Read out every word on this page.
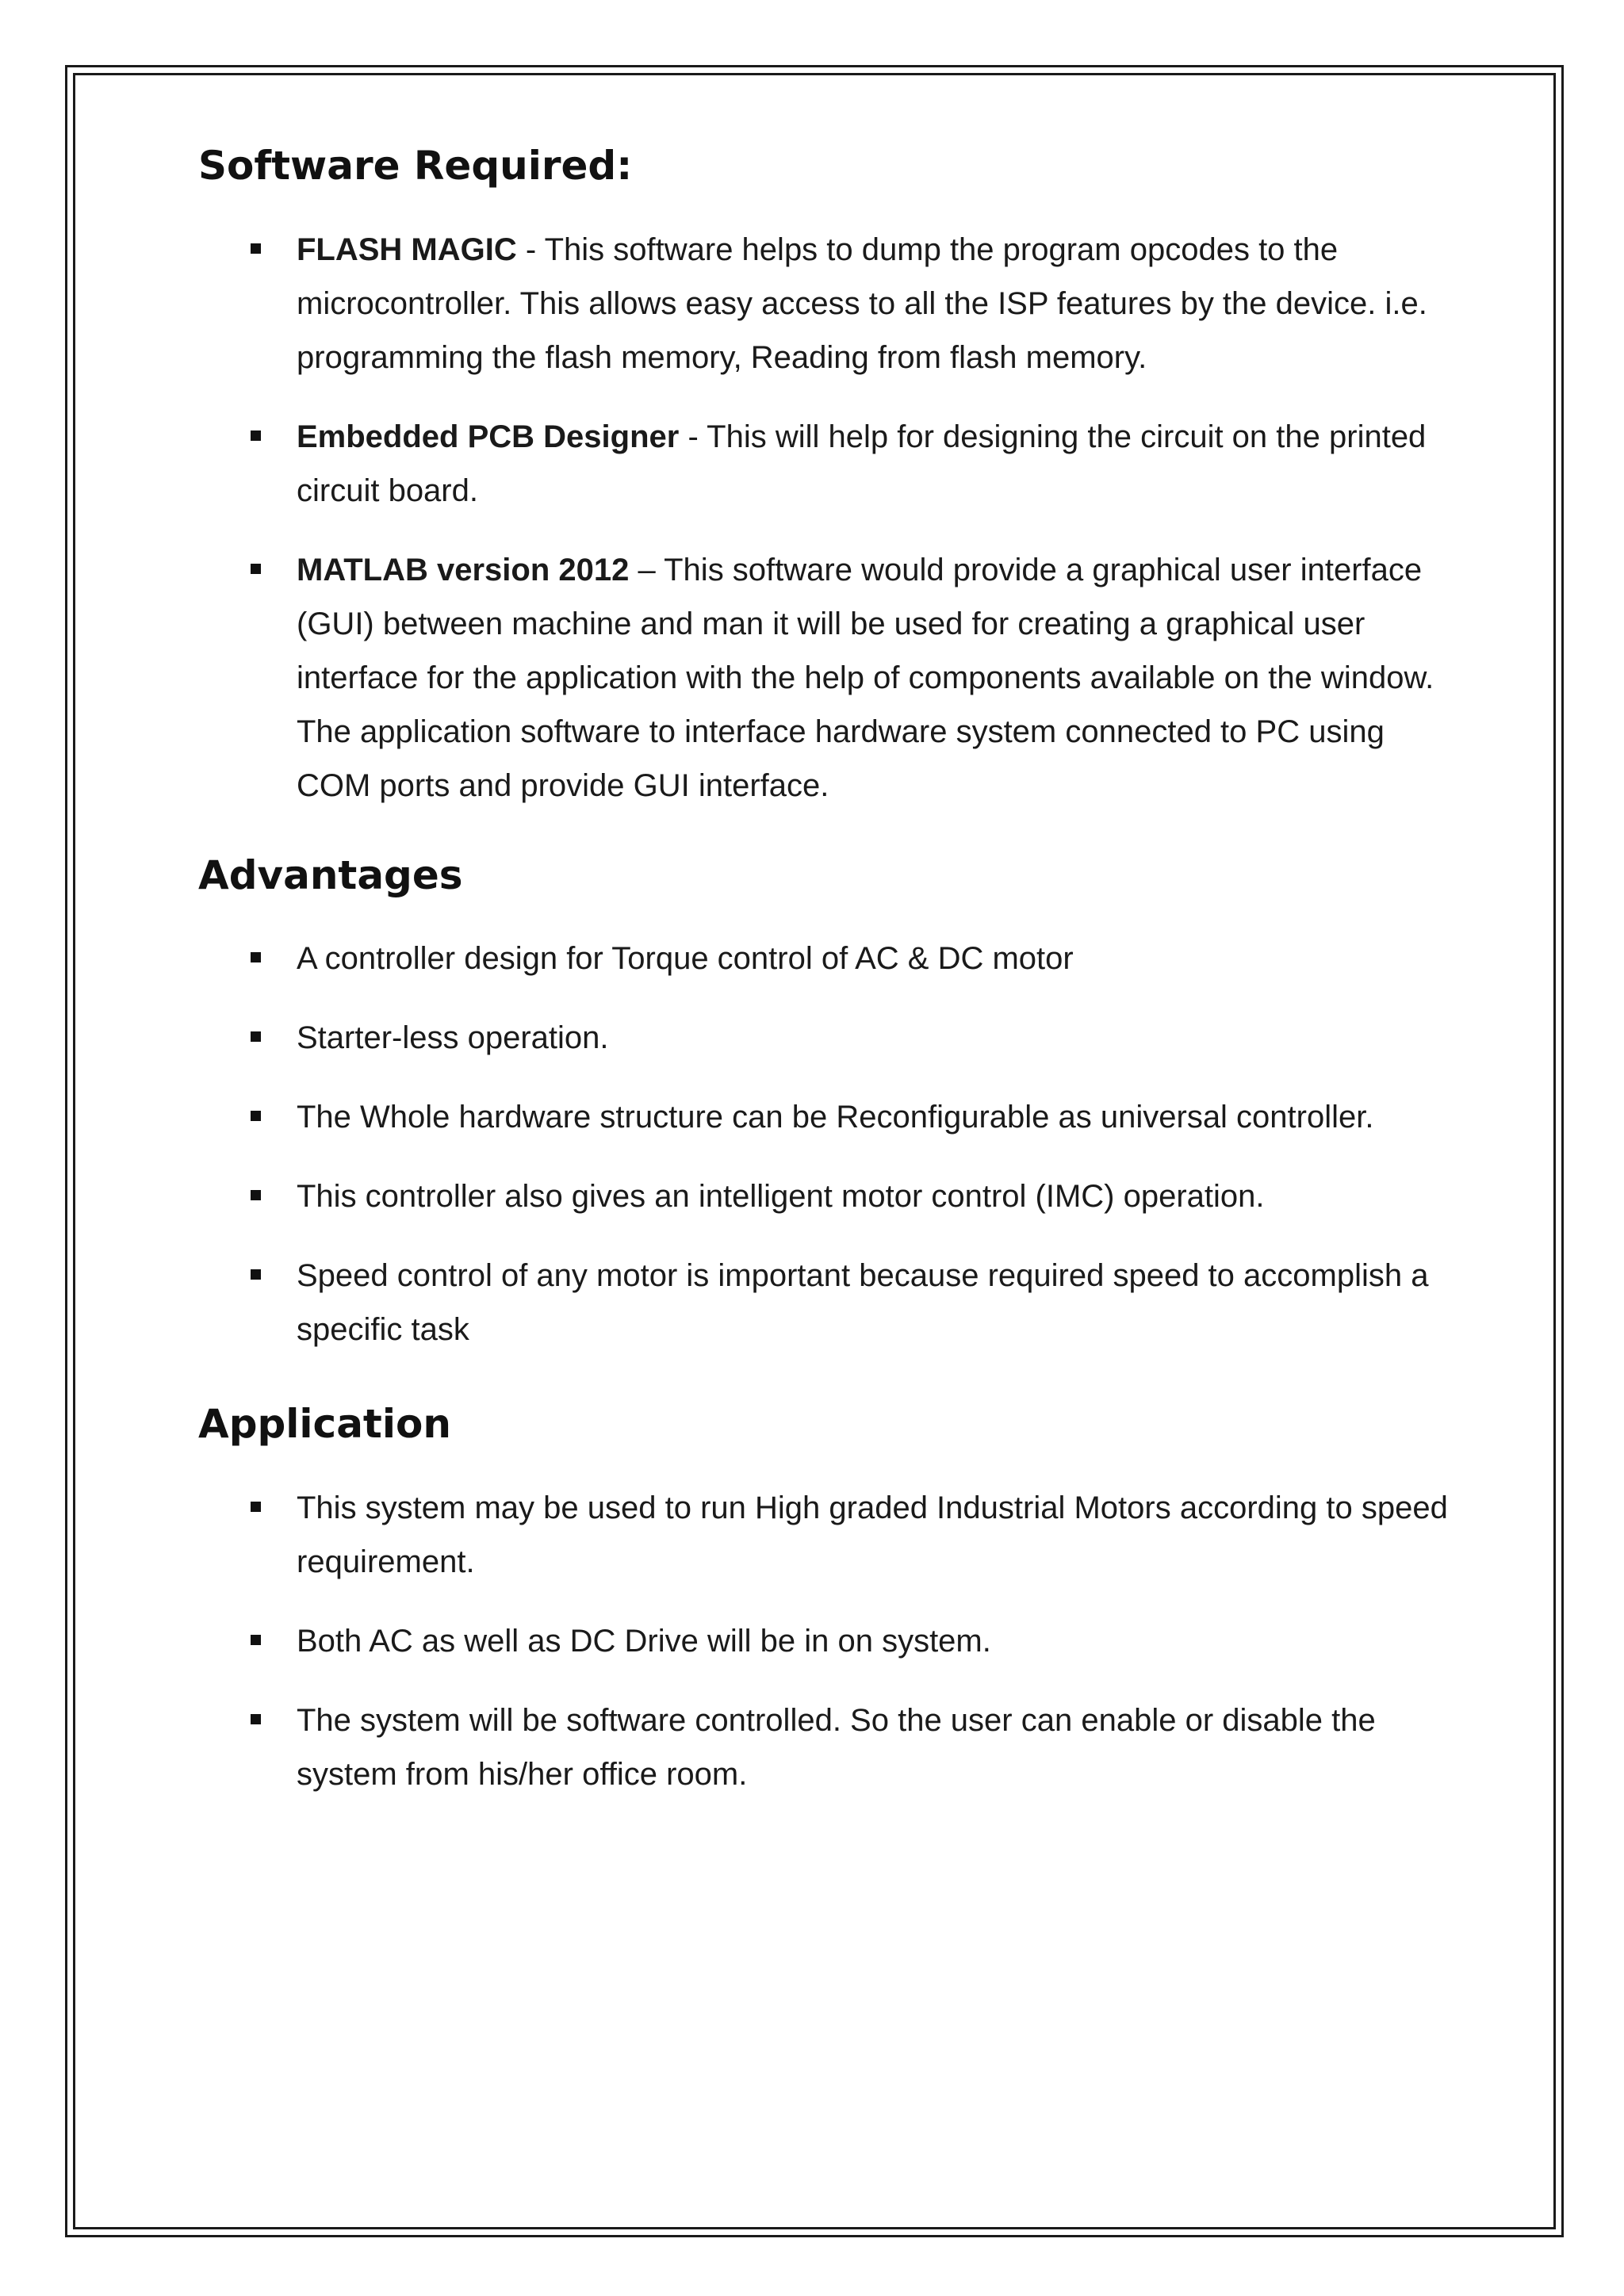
Software Required:
FLASH MAGIC - This software helps to dump the program opcodes to the microcontroller. This allows easy access to all the ISP features by the device. i.e. programming the flash memory, Reading from flash memory.
Embedded PCB Designer - This will help for designing the circuit on the printed circuit board.
MATLAB version 2012 – This software would provide a graphical user interface (GUI) between machine and man it will be used for creating a graphical user interface for the application with the help of components available on the window. The application software to interface hardware system connected to PC using COM ports and provide GUI interface.
Advantages
A controller design for Torque control of AC & DC motor
Starter-less operation.
The Whole hardware structure can be Reconfigurable as universal controller.
This controller also gives an intelligent motor control (IMC) operation.
Speed control of any motor is important because required speed to accomplish a specific task
Application
This system may be used to run High graded Industrial Motors according to speed requirement.
Both AC as well as DC Drive will be in on system.
The system will be software controlled. So the user can enable or disable the system from his/her office room.
